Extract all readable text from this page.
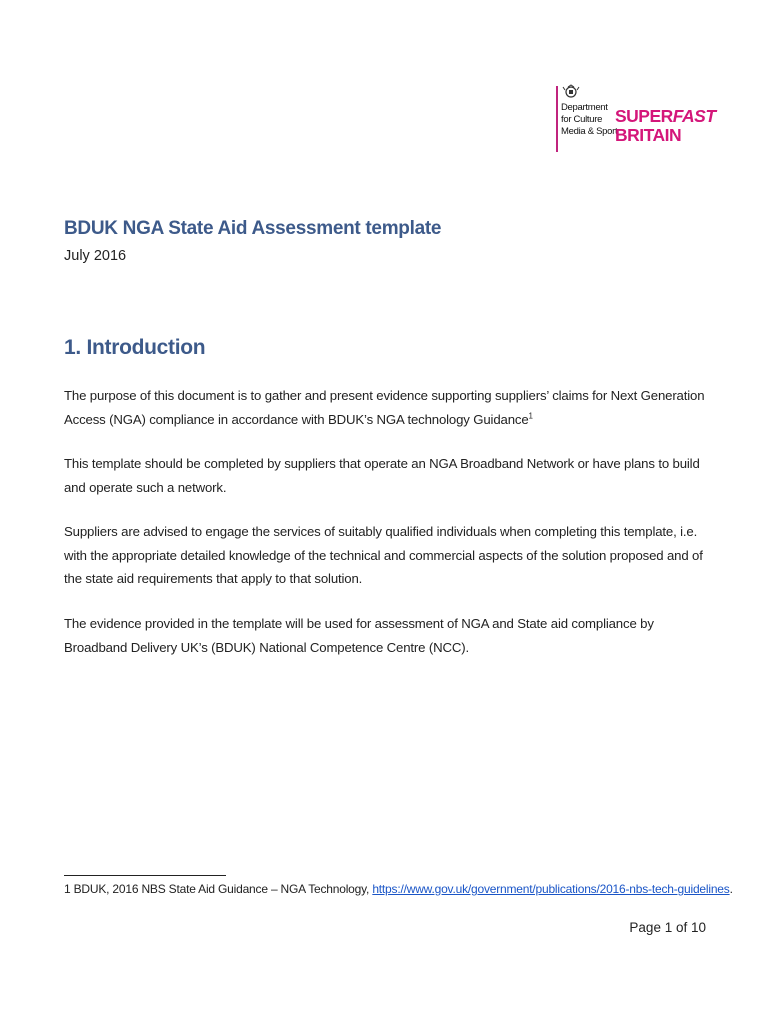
Department
for Culture
Media & Sport
SUPERFAST
BRITAIN
BDUK NGA State Aid Assessment template
July 2016
1. Introduction
The purpose of this document is to gather and present evidence supporting suppliers’ claims for Next Generation Access (NGA) compliance in accordance with BDUK’s NGA technology Guidance$^1$
This template should be completed by suppliers that operate an NGA Broadband Network or have plans to build and operate such a network.
Suppliers are advised to engage the services of suitably qualified individuals when completing this template, i.e. with the appropriate detailed knowledge of the technical and commercial aspects of the solution proposed and of the state aid requirements that apply to that solution.
The evidence provided in the template will be used for assessment of NGA and State aid compliance by Broadband Delivery UK’s (BDUK) National Competence Centre (NCC).
1 BDUK, 2016 NBS State Aid Guidance – NGA Technology, https://www.gov.uk/government/publications/2016-nbs-tech-guidelines.
Page 1 of 10
